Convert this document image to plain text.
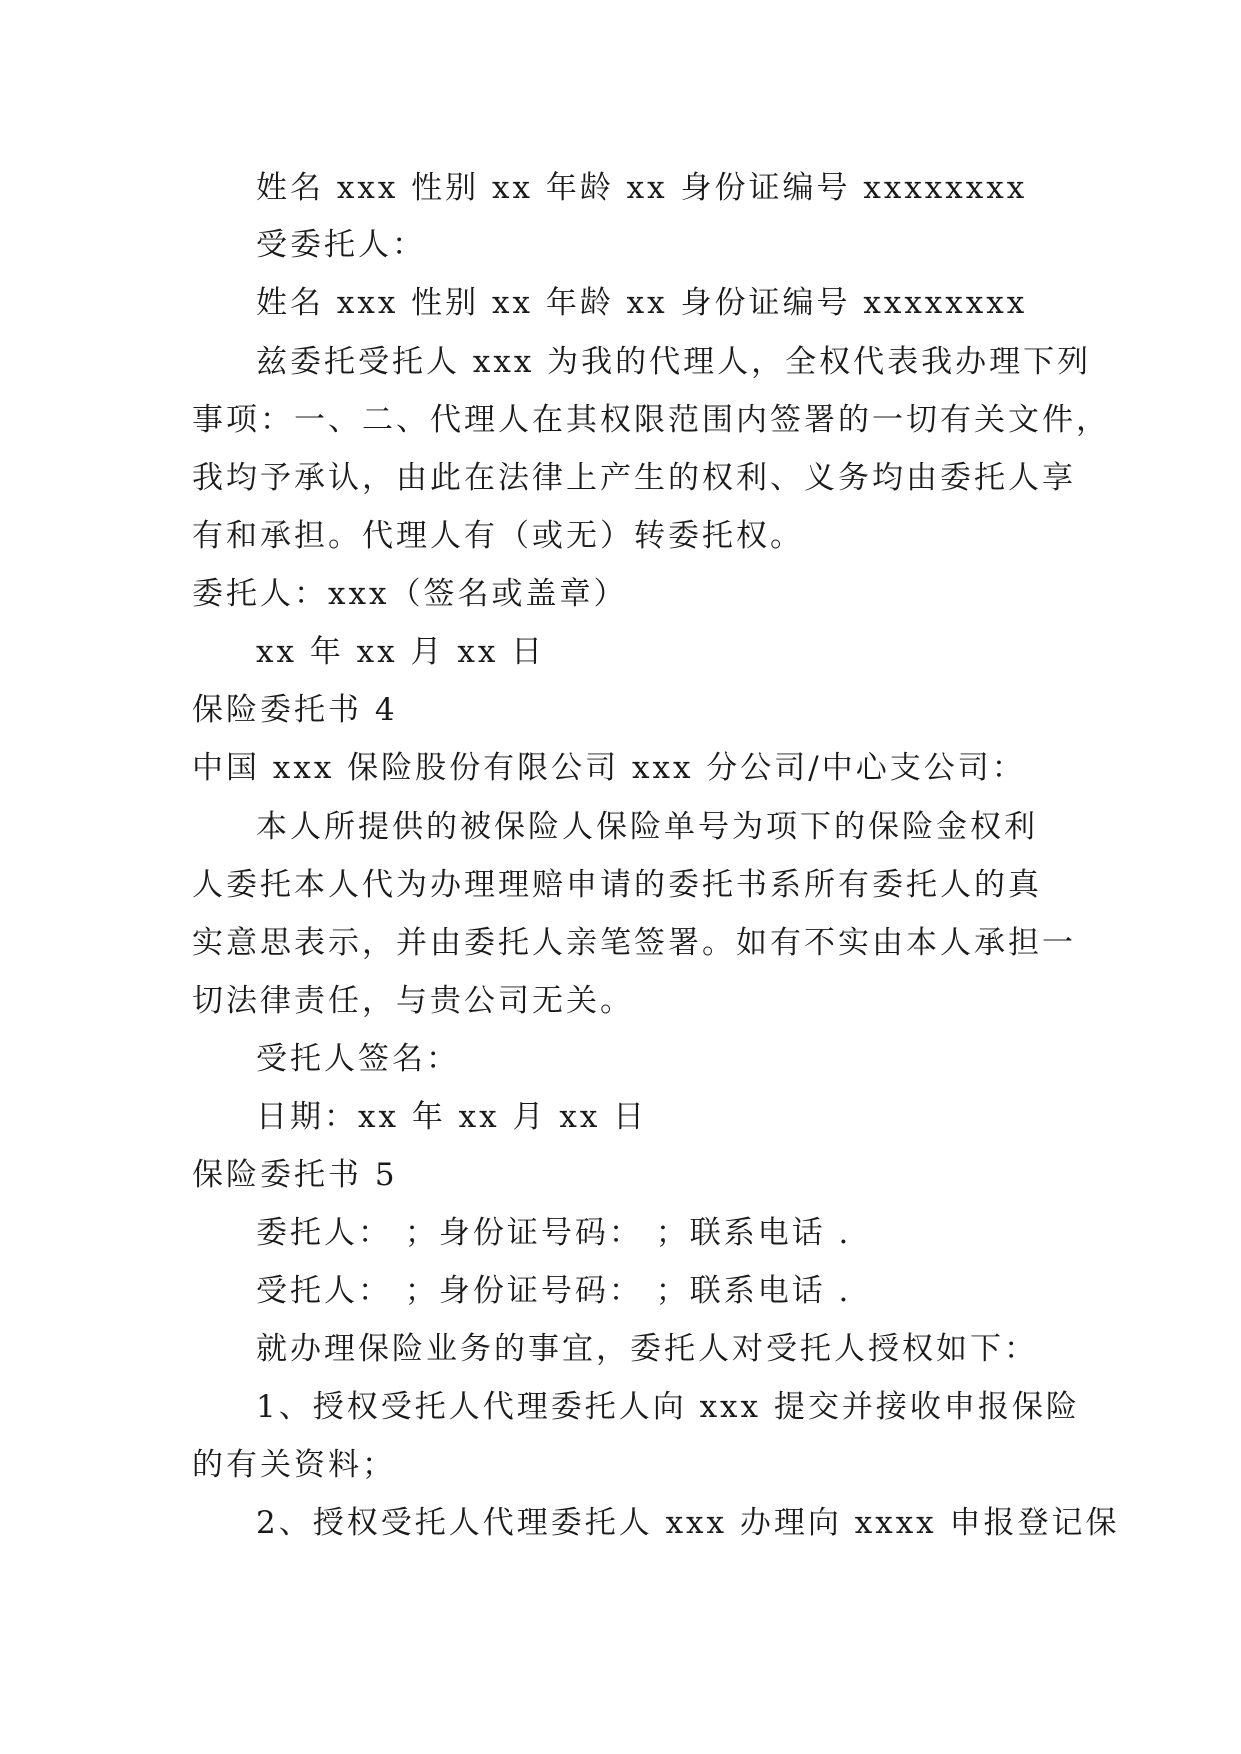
姓名 xxx 性别 xx 年龄 xx 身份证编号 xxxxxxxx
受委托人：
姓名 xxx 性别 xx 年龄 xx 身份证编号 xxxxxxxx
兹委托受托人 xxx 为我的代理人，全权代表我办理下列
事项：一、二、代理人在其权限范围内签署的一切有关文件，
我均予承认，由此在法律上产生的权利、义务均由委托人享
有和承担。代理人有（或无）转委托权。
委托人：xxx（签名或盖章）
xx 年 xx 月 xx 日
保险委托书 4
中国 xxx 保险股份有限公司 xxx 分公司/中心支公司：
本人所提供的被保险人保险单号为项下的保险金权利
人委托本人代为办理理赔申请的委托书系所有委托人的真
实意思表示，并由委托人亲笔签署。如有不实由本人承担一
切法律责任，与贵公司无关。
受托人签名：
日期：xx 年 xx 月 xx 日
保险委托书 5
委托人： ；身份证号码： ；联系电话 .
受托人： ；身份证号码： ；联系电话 .
就办理保险业务的事宜，委托人对受托人授权如下：
1、授权受托人代理委托人向 xxx 提交并接收申报保险
的有关资料；
2、授权受托人代理委托人 xxx 办理向 xxxx 申报登记保
